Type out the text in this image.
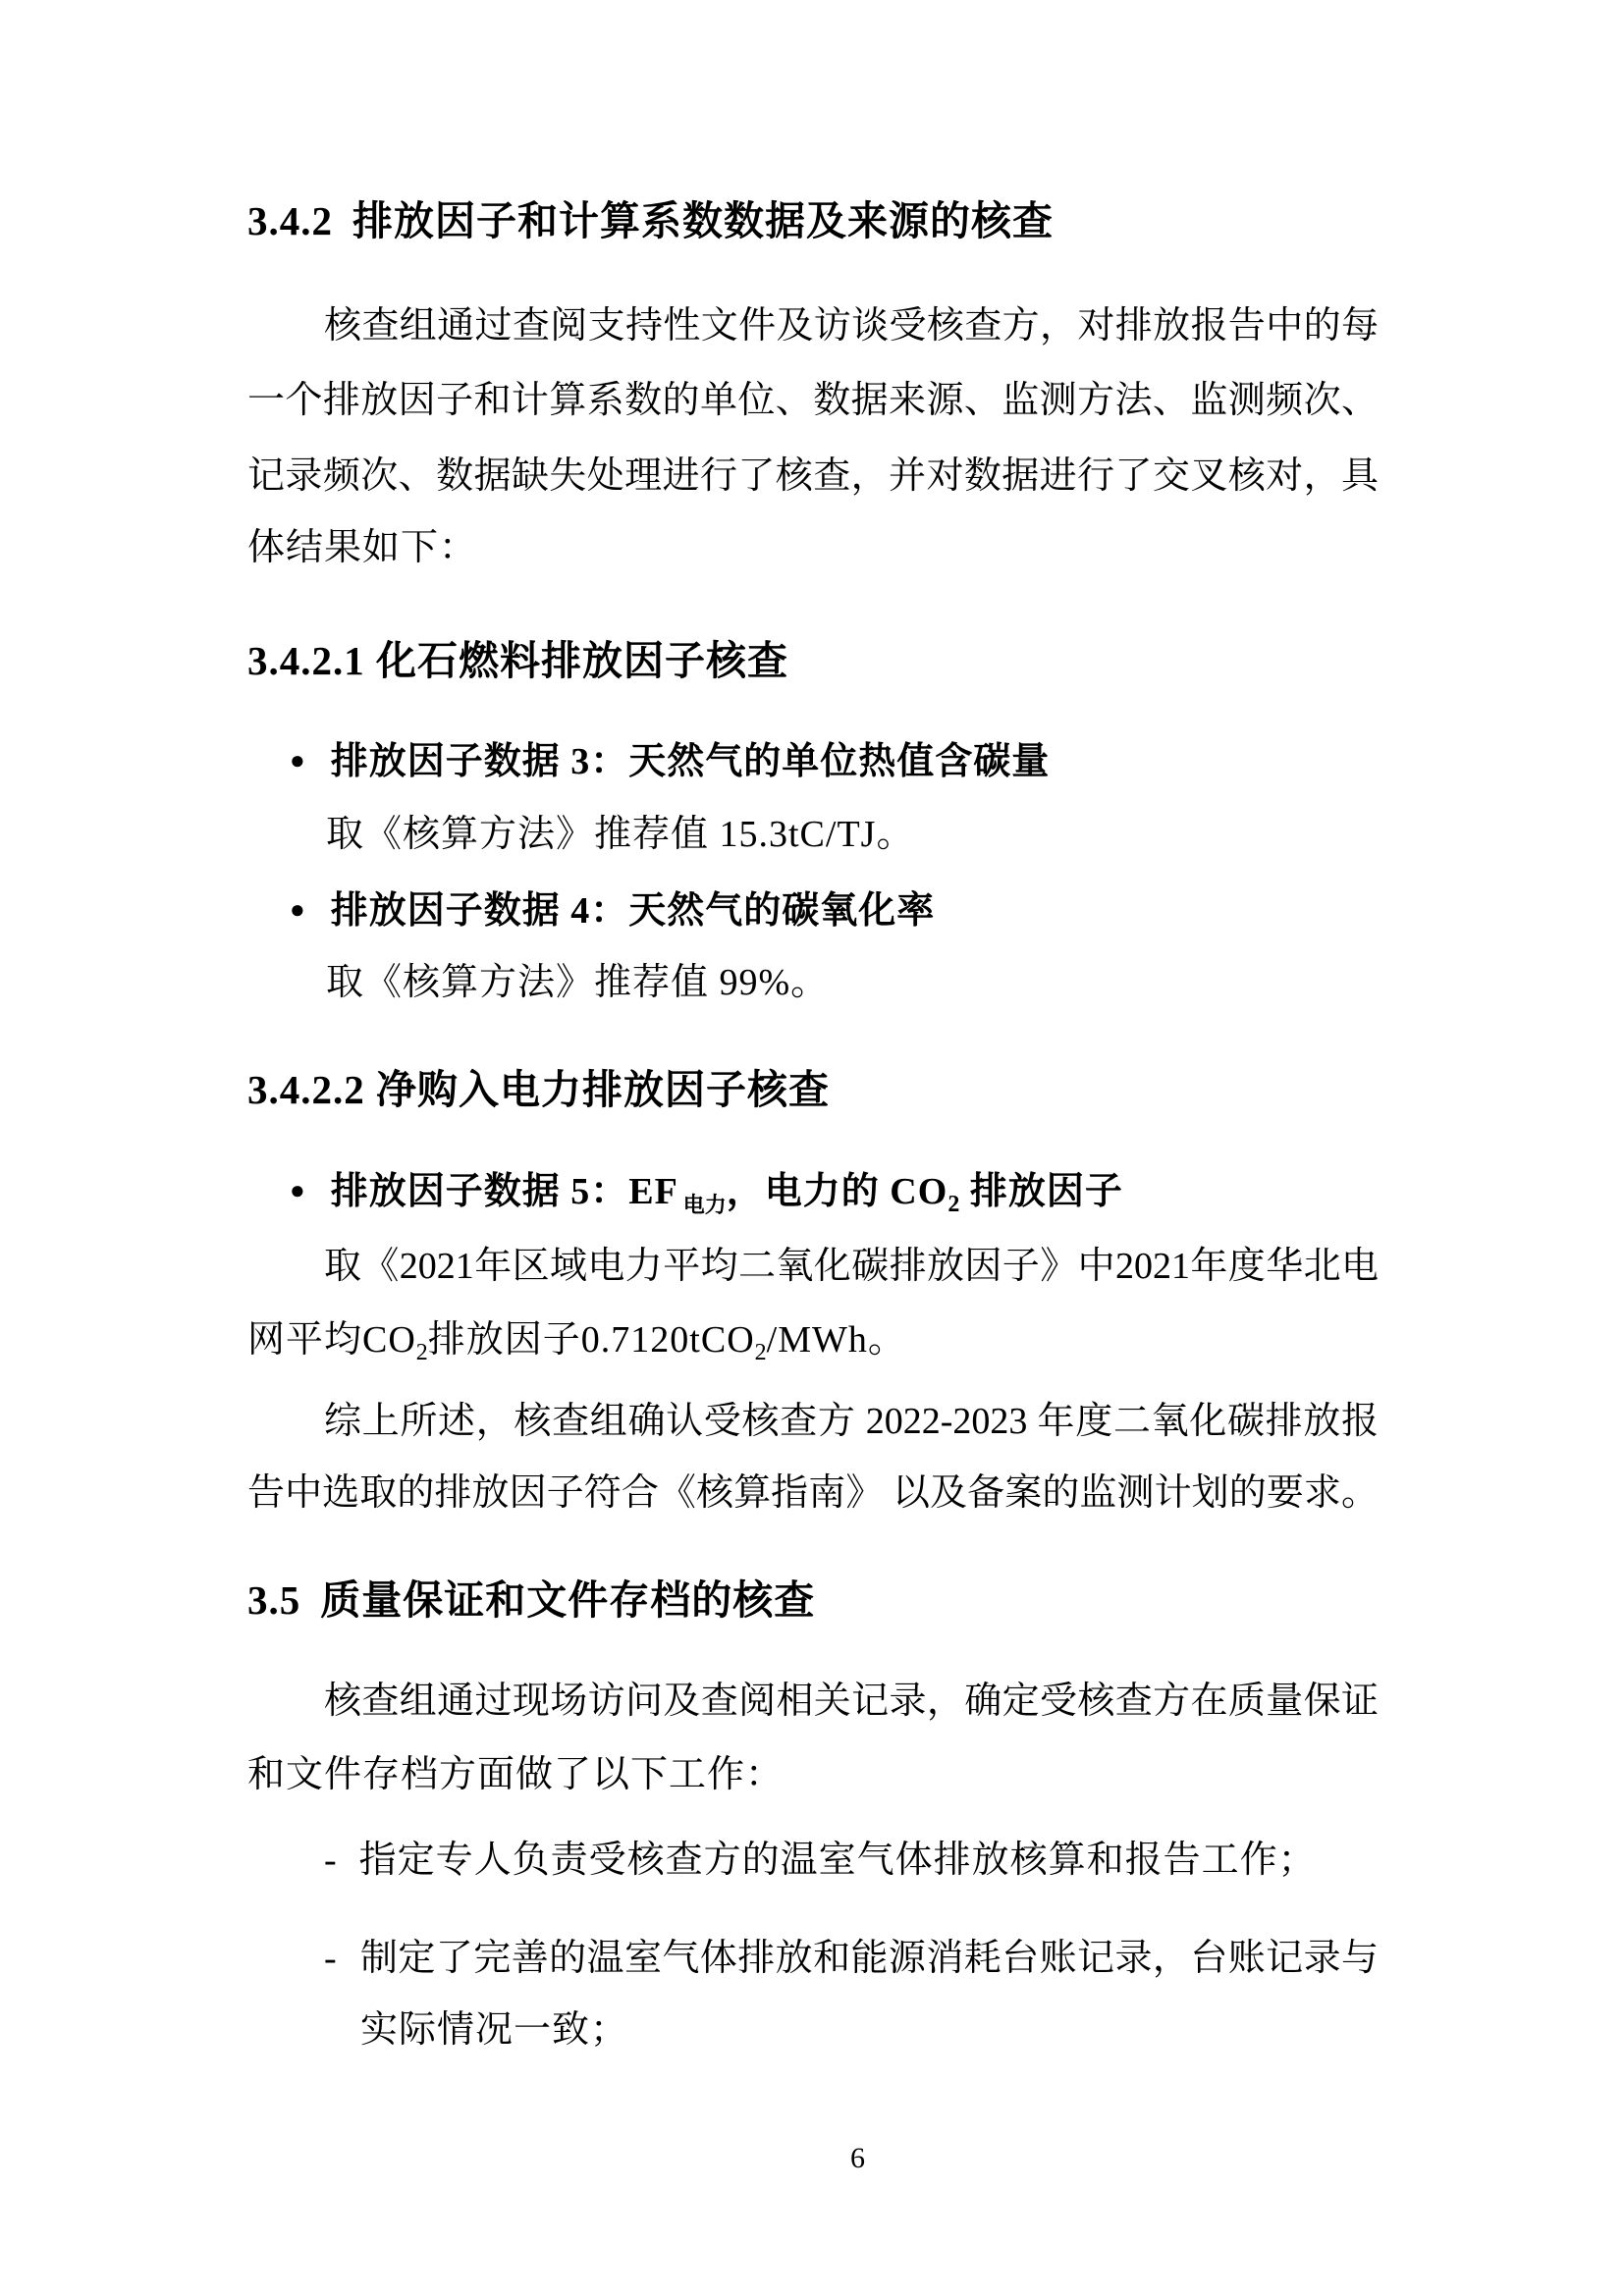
3.4.2 排放因子和计算系数数据及来源的核查
核查组通过查阅支持性文件及访谈受核查方，对排放报告中的每
一个排放因子和计算系数的单位、数据来源、监测方法、监测频次、
记录频次、数据缺失处理进行了核查，并对数据进行了交叉核对，具
体结果如下：
3.4.2.1 化石燃料排放因子核查
● 排放因子数据 3：天然气的单位热值含碳量
取《核算方法》推荐值 15.3tC/TJ。
● 排放因子数据 4：天然气的碳氧化率
取《核算方法》推荐值 99%。
3.4.2.2 净购入电力排放因子核查
● 排放因子数据 5：EF $_{电力}$，电力的 $CO_2$ 排放因子
取《2021年区域电力平均二氧化碳排放因子》中2021年度华北电
网平均$CO_2$排放因子0.7120tCO$_2$/MWh。
综上所述，核查组确认受核查方 2022-2023 年度二氧化碳排放报
告中选取的排放因子符合《核算指南》 以及备案的监测计划的要求。
3.5 质量保证和文件存档的核查
核查组通过现场访问及查阅相关记录，确定受核查方在质量保证
和文件存档方面做了以下工作：
- 指定专人负责受核查方的温室气体排放核算和报告工作；
- 制定了完善的温室气体排放和能源消耗台账记录，台账记录与
实际情况一致；
6
